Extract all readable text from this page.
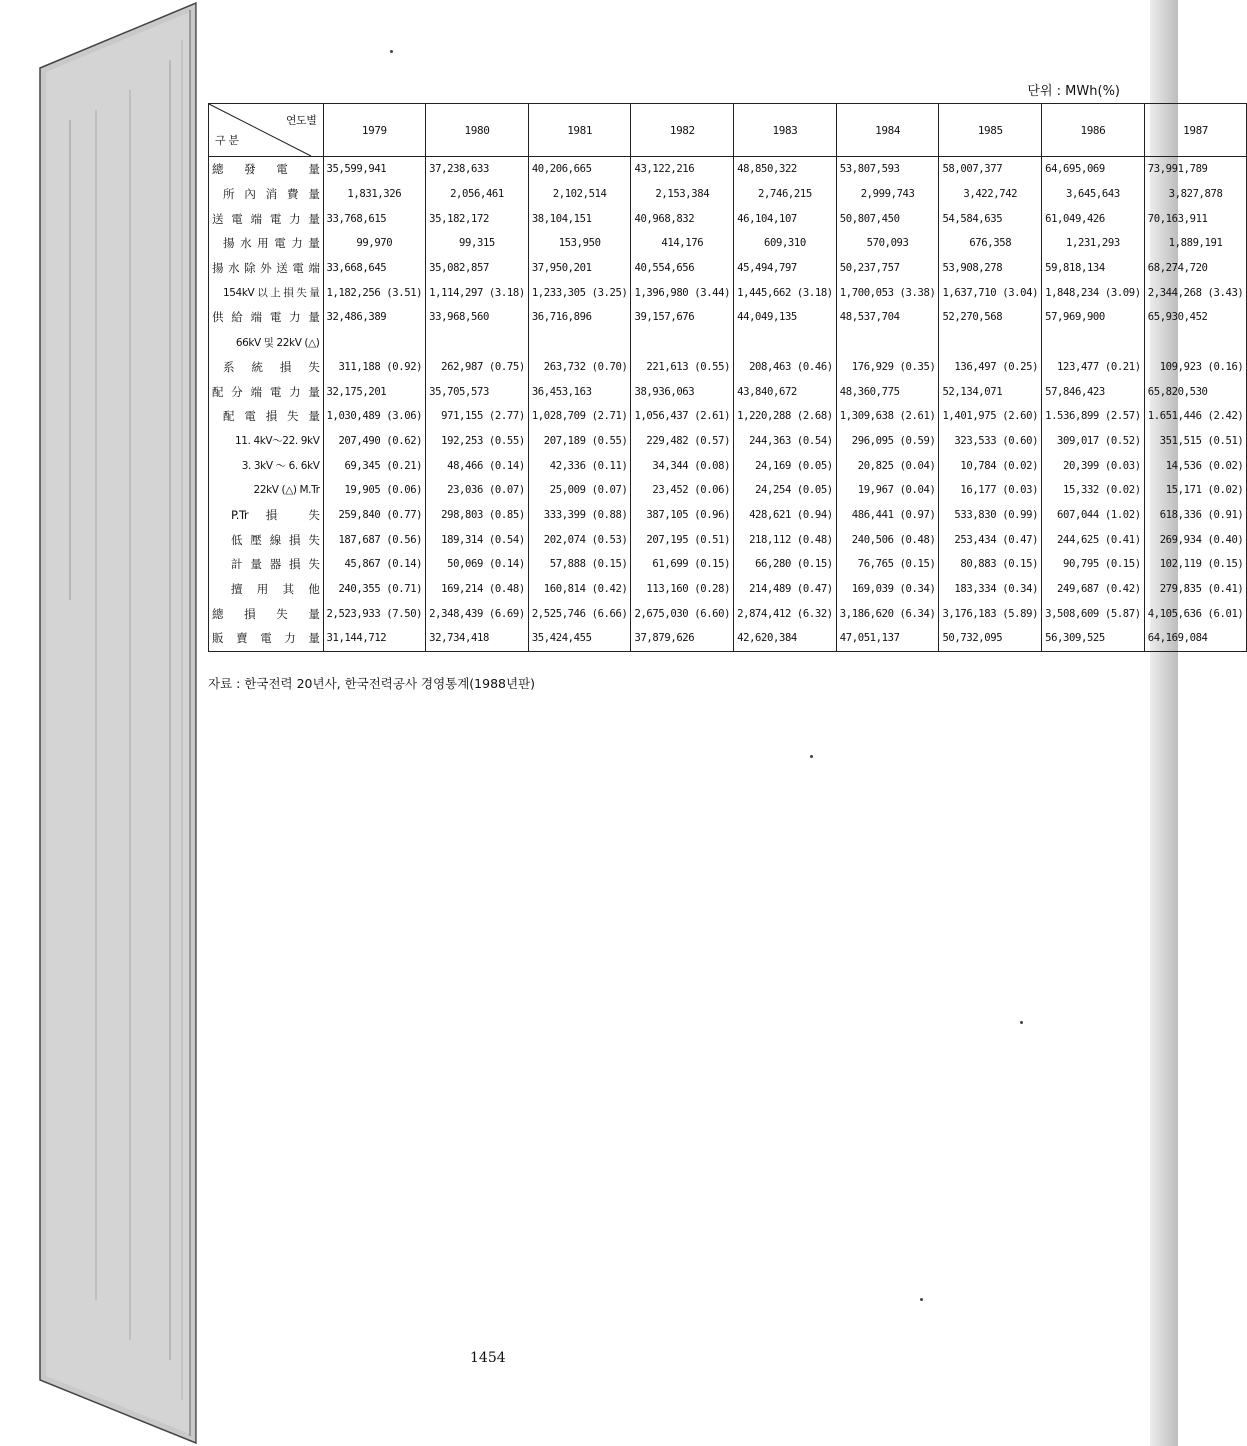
단위 : MWh(%)
연도별
구 분	1979	1980	1981	1982	1983	1984	1985	1986	1987
總 發 電 量	35,599,941	37,238,633	40,206,665	43,122,216	48,850,322	53,807,593	58,007,377	64,695,069	73,991,789
所 內 消 費 量	1,831,326	2,056,461	2,102,514	2,153,384	2,746,215	2,999,743	3,422,742	3,645,643	3,827,878
送 電 端 電 力 量	33,768,615	35,182,172	38,104,151	40,968,832	46,104,107	50,807,450	54,584,635	61,049,426	70,163,911
揚 水 用 電 力 量	99,970	99,315	153,950	414,176	609,310	570,093	676,358	1,231,293	1,889,191
揚 水 除 外 送 電 端	33,668,645	35,082,857	37,950,201	40,554,656	45,494,797	50,237,757	53,908,278	59,818,134	68,274,720
154kV 以 上 損 失 量	1,182,256 (3.51)	1,114,297 (3.18)	1,233,305 (3.25)	1,396,980 (3.44)	1,445,662 (3.18)	1,700,053 (3.38)	1,637,710 (3.04)	1,848,234 (3.09)	2,344,268 (3.43)
供 給 端 電 力 量	32,486,389	33,968,560	36,716,896	39,157,676	44,049,135	48,537,704	52,270,568	57,969,900	65,930,452
66kV 및 22kV (△)									
系 統 損 失	311,188 (0.92)	262,987 (0.75)	263,732 (0.70)	221,613 (0.55)	208,463 (0.46)	176,929 (0.35)	136,497 (0.25)	123,477 (0.21)	109,923 (0.16)
配 分 端 電 力 量	32,175,201	35,705,573	36,453,163	38,936,063	43,840,672	48,360,775	52,134,071	57,846,423	65,820,530
配 電 損 失 量	1,030,489 (3.06)	971,155 (2.77)	1,028,709 (2.71)	1,056,437 (2.61)	1,220,288 (2.68)	1,309,638 (2.61)	1,401,975 (2.60)	1.536,899 (2.57)	1.651,446 (2.42)
11. 4kV～22. 9kV	207,490 (0.62)	192,253 (0.55)	207,189 (0.55)	229,482 (0.57)	244,363 (0.54)	296,095 (0.59)	323,533 (0.60)	309,017 (0.52)	351,515 (0.51)
3. 3kV ～ 6. 6kV	69,345 (0.21)	48,466 (0.14)	42,336 (0.11)	34,344 (0.08)	24,169 (0.05)	20,825 (0.04)	10,784 (0.02)	20,399 (0.03)	14,536 (0.02)
22kV (△) M.Tr	19,905 (0.06)	23,036 (0.07)	25,009 (0.07)	23,452 (0.06)	24,254 (0.05)	19,967 (0.04)	16,177 (0.03)	15,332 (0.02)	15,171 (0.02)
P.Tr 損 失	259,840 (0.77)	298,803 (0.85)	333,399 (0.88)	387,105 (0.96)	428,621 (0.94)	486,441 (0.97)	533,830 (0.99)	607,044 (1.02)	618,336 (0.91)
低 壓 線 損 失	187,687 (0.56)	189,314 (0.54)	202,074 (0.53)	207,195 (0.51)	218,112 (0.48)	240,506 (0.48)	253,434 (0.47)	244,625 (0.41)	269,934 (0.40)
計 量 器 損 失	45,867 (0.14)	50,069 (0.14)	57,888 (0.15)	61,699 (0.15)	66,280 (0.15)	76,765 (0.15)	80,883 (0.15)	90,795 (0.15)	102,119 (0.15)
擅 用 其 他	240,355 (0.71)	169,214 (0.48)	160,814 (0.42)	113,160 (0.28)	214,489 (0.47)	169,039 (0.34)	183,334 (0.34)	249,687 (0.42)	279,835 (0.41)
總 損 失 量	2,523,933 (7.50)	2,348,439 (6.69)	2,525,746 (6.66)	2,675,030 (6.60)	2,874,412 (6.32)	3,186,620 (6.34)	3,176,183 (5.89)	3,508,609 (5.87)	4,105,636 (6.01)
販 賣 電 力 量	31,144,712	32,734,418	35,424,455	37,879,626	42,620,384	47,051,137	50,732,095	56,309,525	64,169,084
자료 : 한국전력 20년사, 한국전력공사 경영통계(1988년판)
1454
